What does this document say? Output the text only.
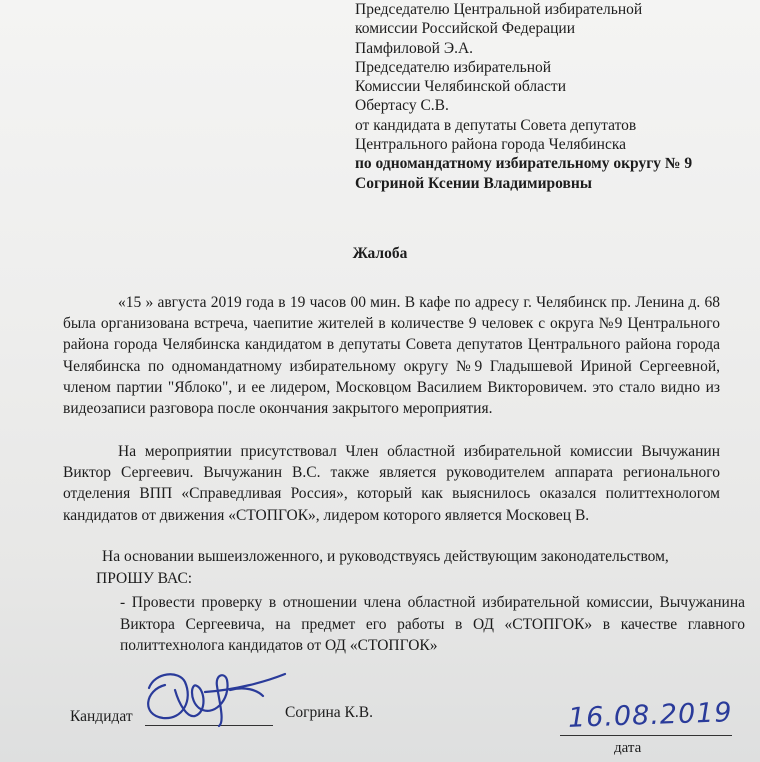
Председателю Центральной избирательной
комиссии Российской Федерации
Памфиловой Э.А.
Председателю избирательной
Комиссии Челябинской области
Обертасу С.В.
от кандидата в депутаты Совета депутатов
Центрального района города Челябинска
по одномандатному избирательному округу № 9
Согриной Ксении Владимировны
Жалоба
«15 » августа 2019 года в 19 часов 00 мин. В кафе по адресу г. Челябинск пр. Ленина д. 68 была организована встреча, чаепитие жителей в количестве 9 человек с округа №9 Центрального района города Челябинска кандидатом в депутаты Совета депутатов Центрального района города Челябинска по одномандатному избирательному округу №9 Гладышевой Ириной Сергеевной, членом партии "Яблоко", и ее лидером, Московцом Василием Викторовичем. это стало видно из видеозаписи разговора после окончания закрытого мероприятия.
На мероприятии присутствовал Член областной избирательной комиссии Вычужанин Виктор Сергеевич. Вычужанин В.С. также является руководителем аппарата регионального отделения ВПП «Справедливая Россия», который как выяснилось оказался политтехнологом кандидатов от движения «СТОПГОК», лидером которого является Московец В.
На основании вышеизложенного, и руководствуясь действующим законодательством,
ПРОШУ ВАС:
- Провести проверку в отношении члена областной избирательной комиссии, Вычужанина Виктора Сергеевича, на предмет его работы в ОД «СТОПГОК» в качестве главного политтехнолога кандидатов от ОД «СТОПГОК»
Кандидат	Согрина К.В.	16.08.2019
дата
